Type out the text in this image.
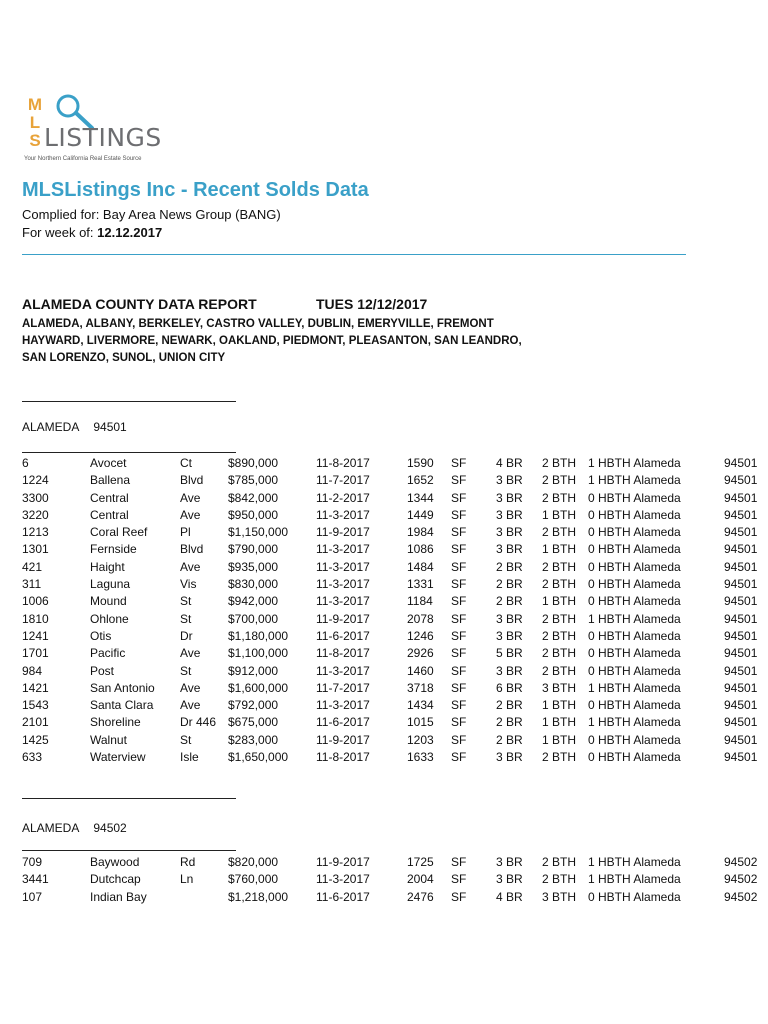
M
L
S LISTINGS
Your Northern California Real Estate Source
MLSListings Inc - Recent Solds Data
Complied for: Bay Area News Group (BANG)
For week of: 12.12.2017
ALAMEDA COUNTY DATA REPORT	TUES 12/12/2017
ALAMEDA, ALBANY, BERKELEY, CASTRO VALLEY, DUBLIN, EMERYVILLE, FREMONT
HAYWARD, LIVERMORE, NEWARK, OAKLAND, PIEDMONT, PLEASANTON, SAN LEANDRO,
SAN LORENZO, SUNOL, UNION CITY
ALAMEDA 94501
6	Avocet	Ct	$890,000	11-8-2017	1590 SF 4 BR 2 BTH 1 HBTH Alameda	94501
1224	Ballena	Blvd $785,000	11-7-2017	1652 SF 3 BR 2 BTH 1 HBTH Alameda	94501
3300	Central	Ave $842,000	11-2-2017	1344 SF 3 BR 2 BTH 0 HBTH Alameda	94501
3220	Central	Ave $950,000	11-3-2017	1449 SF 3 BR 1 BTH 0 HBTH Alameda	94501
1213	Coral Reef	Pl	$1,150,000 11-9-2017	1984 SF 3 BR 2 BTH 0 HBTH Alameda	94501
1301	Fernside	Blvd $790,000	11-3-2017	1086 SF 3 BR 1 BTH 0 HBTH Alameda	94501
421	Haight	Ave $935,000	11-3-2017	1484 SF 2 BR 2 BTH 0 HBTH Alameda	94501
311	Laguna	Vis	$830,000	11-3-2017	1331 SF 2 BR 2 BTH 0 HBTH Alameda	94501
1006	Mound	St	$942,000	11-3-2017	1184 SF 2 BR 1 BTH 0 HBTH Alameda	94501
1810	Ohlone	St	$700,000	11-9-2017	2078 SF 3 BR 2 BTH 1 HBTH Alameda	94501
1241	Otis	Dr	$1,180,000 11-6-2017	1246 SF 3 BR 2 BTH 0 HBTH Alameda	94501
1701	Pacific	Ave $1,100,000 11-8-2017	2926 SF 5 BR 2 BTH 0 HBTH Alameda	94501
984	Post	St	$912,000	11-3-2017	1460 SF 3 BR 2 BTH 0 HBTH Alameda	94501
1421	San Antonio Ave $1,600,000 11-7-2017	3718 SF 6 BR 3 BTH 1 HBTH Alameda	94501
1543	Santa Clara Ave $792,000	11-3-2017	1434 SF 2 BR 1 BTH 0 HBTH Alameda	94501
2101	Shoreline	Dr 446 $675,000	11-6-2017	1015 SF 2 BR 1 BTH 1 HBTH Alameda	94501
1425	Walnut	St	$283,000	11-9-2017	1203 SF 2 BR 1 BTH 0 HBTH Alameda	94501
633	Waterview	Isle $1,650,000 11-8-2017	1633 SF 3 BR 2 BTH 0 HBTH Alameda	94501
ALAMEDA 94502
709	Baywood	Rd	$820,000	11-9-2017	1725 SF 3 BR 2 BTH 1 HBTH Alameda	94502
3441	Dutchcap	Ln	$760,000	11-3-2017	2004 SF 3 BR 2 BTH 1 HBTH Alameda	94502
107	Indian Bay	$1,218,000 11-6-2017	2476 SF 4 BR 3 BTH 0 HBTH Alameda	94502
